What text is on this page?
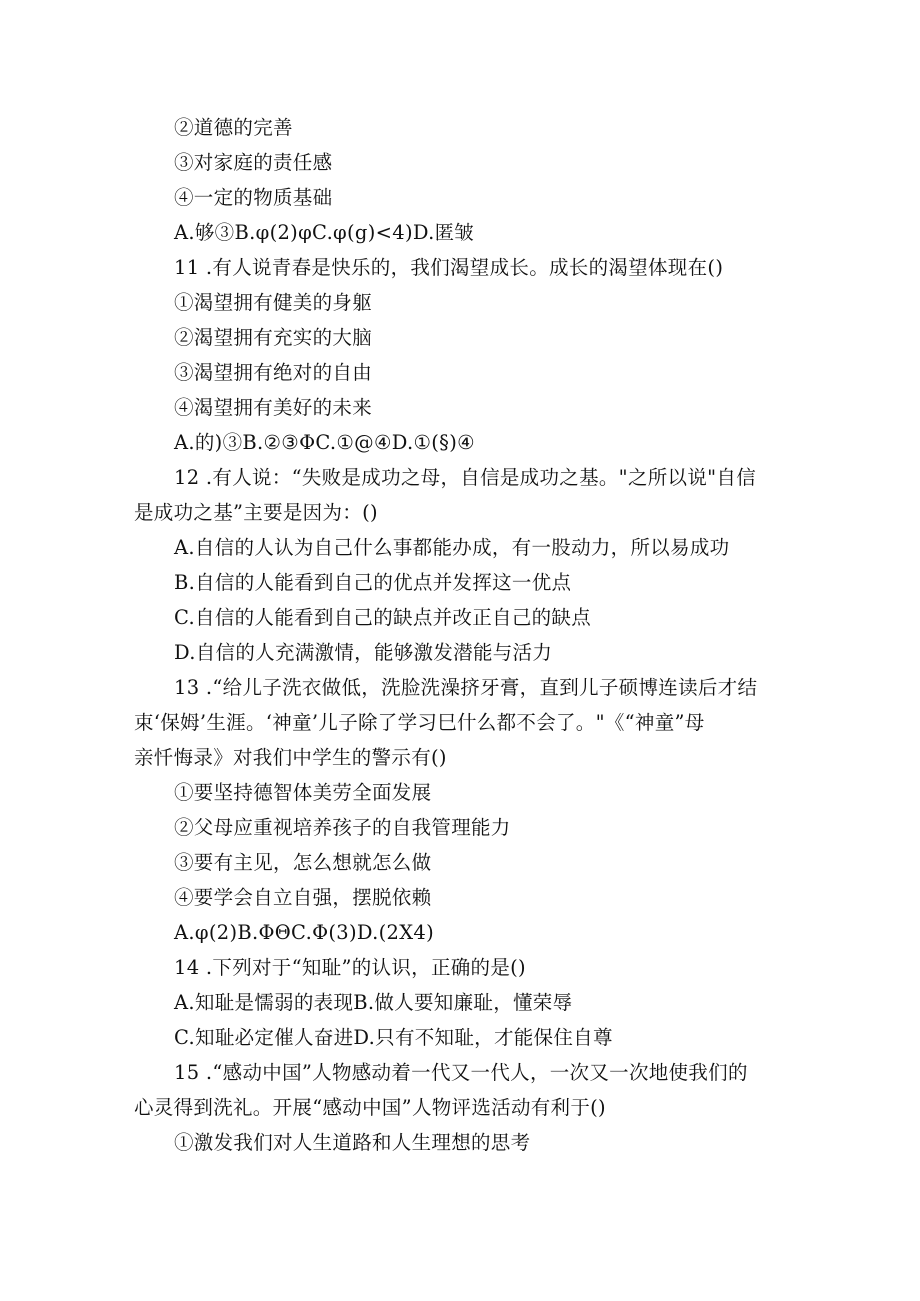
②道德的完善
③对家庭的责任感
④一定的物质基础
A.够③B.φ(2)φC.φ(g)<4)D.匿皱
11 .有人说青春是快乐的，我们渴望成长。成长的渴望体现在()
①渴望拥有健美的身躯
②渴望拥有充实的大脑
③渴望拥有绝对的自由
④渴望拥有美好的未来
A.的)③B.②③ΦC.①@④D.①(§)④
12 .有人说：“失败是成功之母，自信是成功之基。"之所以说"自信
是成功之基”主要是因为：()
A.自信的人认为自己什么事都能办成，有一股动力，所以易成功
B.自信的人能看到自己的优点并发挥这一优点
C.自信的人能看到自己的缺点并改正自己的缺点
D.自信的人充满激情，能够激发潜能与活力
13 .“给儿子洗衣做低，洗脸洗澡挤牙膏，直到儿子硕博连读后才结
束‘保姆’生涯。‘神童’儿子除了学习巳什么都不会了。"《“神童”母
亲忏悔录》对我们中学生的警示有()
①要坚持德智体美劳全面发展
②父母应重视培养孩子的自我管理能力
③要有主见，怎么想就怎么做
④要学会自立自强，摆脱依赖
A.φ(2)B.ΦΘC.Φ(3)D.(2X4)
14 .下列对于“知耻”的认识，正确的是()
A.知耻是懦弱的表现B.做人要知廉耻，懂荣辱
C.知耻必定催人奋进D.只有不知耻，才能保住自尊
15 .“感动中国”人物感动着一代又一代人，一次又一次地使我们的
心灵得到洗礼。开展“感动中国”人物评选活动有利于()
①激发我们对人生道路和人生理想的思考
